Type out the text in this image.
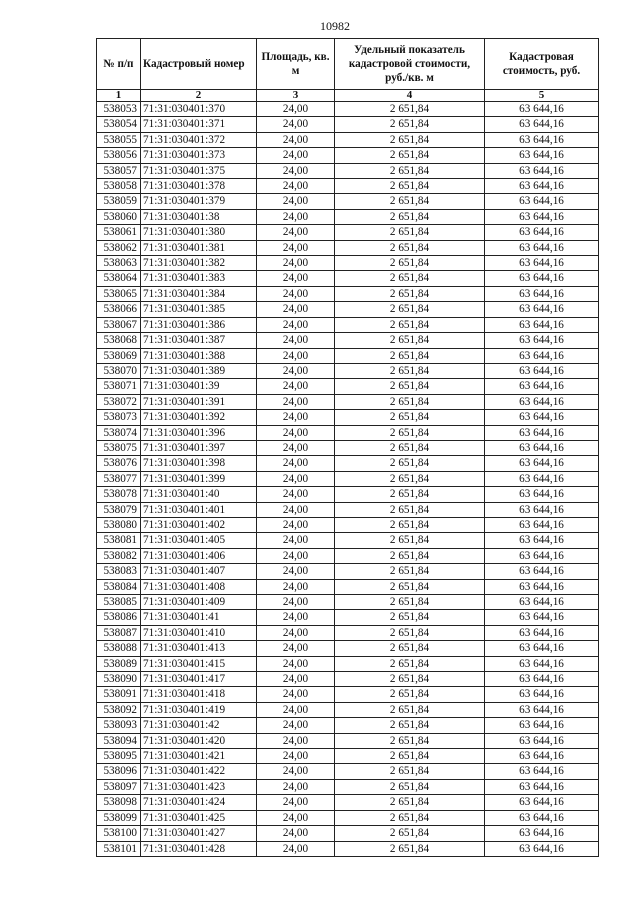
10982
№ п/п	Кадастровый номер	Площадь, кв. м	Удельный показатель кадастровой стоимости, руб./кв. м	Кадастровая стоимость, руб.
1	2	3	4	5
538053	71:31:030401:370	24,00	2 651,84	63 644,16
538054	71:31:030401:371	24,00	2 651,84	63 644,16
538055	71:31:030401:372	24,00	2 651,84	63 644,16
538056	71:31:030401:373	24,00	2 651,84	63 644,16
538057	71:31:030401:375	24,00	2 651,84	63 644,16
538058	71:31:030401:378	24,00	2 651,84	63 644,16
538059	71:31:030401:379	24,00	2 651,84	63 644,16
538060	71:31:030401:38	24,00	2 651,84	63 644,16
538061	71:31:030401:380	24,00	2 651,84	63 644,16
538062	71:31:030401:381	24,00	2 651,84	63 644,16
538063	71:31:030401:382	24,00	2 651,84	63 644,16
538064	71:31:030401:383	24,00	2 651,84	63 644,16
538065	71:31:030401:384	24,00	2 651,84	63 644,16
538066	71:31:030401:385	24,00	2 651,84	63 644,16
538067	71:31:030401:386	24,00	2 651,84	63 644,16
538068	71:31:030401:387	24,00	2 651,84	63 644,16
538069	71:31:030401:388	24,00	2 651,84	63 644,16
538070	71:31:030401:389	24,00	2 651,84	63 644,16
538071	71:31:030401:39	24,00	2 651,84	63 644,16
538072	71:31:030401:391	24,00	2 651,84	63 644,16
538073	71:31:030401:392	24,00	2 651,84	63 644,16
538074	71:31:030401:396	24,00	2 651,84	63 644,16
538075	71:31:030401:397	24,00	2 651,84	63 644,16
538076	71:31:030401:398	24,00	2 651,84	63 644,16
538077	71:31:030401:399	24,00	2 651,84	63 644,16
538078	71:31:030401:40	24,00	2 651,84	63 644,16
538079	71:31:030401:401	24,00	2 651,84	63 644,16
538080	71:31:030401:402	24,00	2 651,84	63 644,16
538081	71:31:030401:405	24,00	2 651,84	63 644,16
538082	71:31:030401:406	24,00	2 651,84	63 644,16
538083	71:31:030401:407	24,00	2 651,84	63 644,16
538084	71:31:030401:408	24,00	2 651,84	63 644,16
538085	71:31:030401:409	24,00	2 651,84	63 644,16
538086	71:31:030401:41	24,00	2 651,84	63 644,16
538087	71:31:030401:410	24,00	2 651,84	63 644,16
538088	71:31:030401:413	24,00	2 651,84	63 644,16
538089	71:31:030401:415	24,00	2 651,84	63 644,16
538090	71:31:030401:417	24,00	2 651,84	63 644,16
538091	71:31:030401:418	24,00	2 651,84	63 644,16
538092	71:31:030401:419	24,00	2 651,84	63 644,16
538093	71:31:030401:42	24,00	2 651,84	63 644,16
538094	71:31:030401:420	24,00	2 651,84	63 644,16
538095	71:31:030401:421	24,00	2 651,84	63 644,16
538096	71:31:030401:422	24,00	2 651,84	63 644,16
538097	71:31:030401:423	24,00	2 651,84	63 644,16
538098	71:31:030401:424	24,00	2 651,84	63 644,16
538099	71:31:030401:425	24,00	2 651,84	63 644,16
538100	71:31:030401:427	24,00	2 651,84	63 644,16
538101	71:31:030401:428	24,00	2 651,84	63 644,16
